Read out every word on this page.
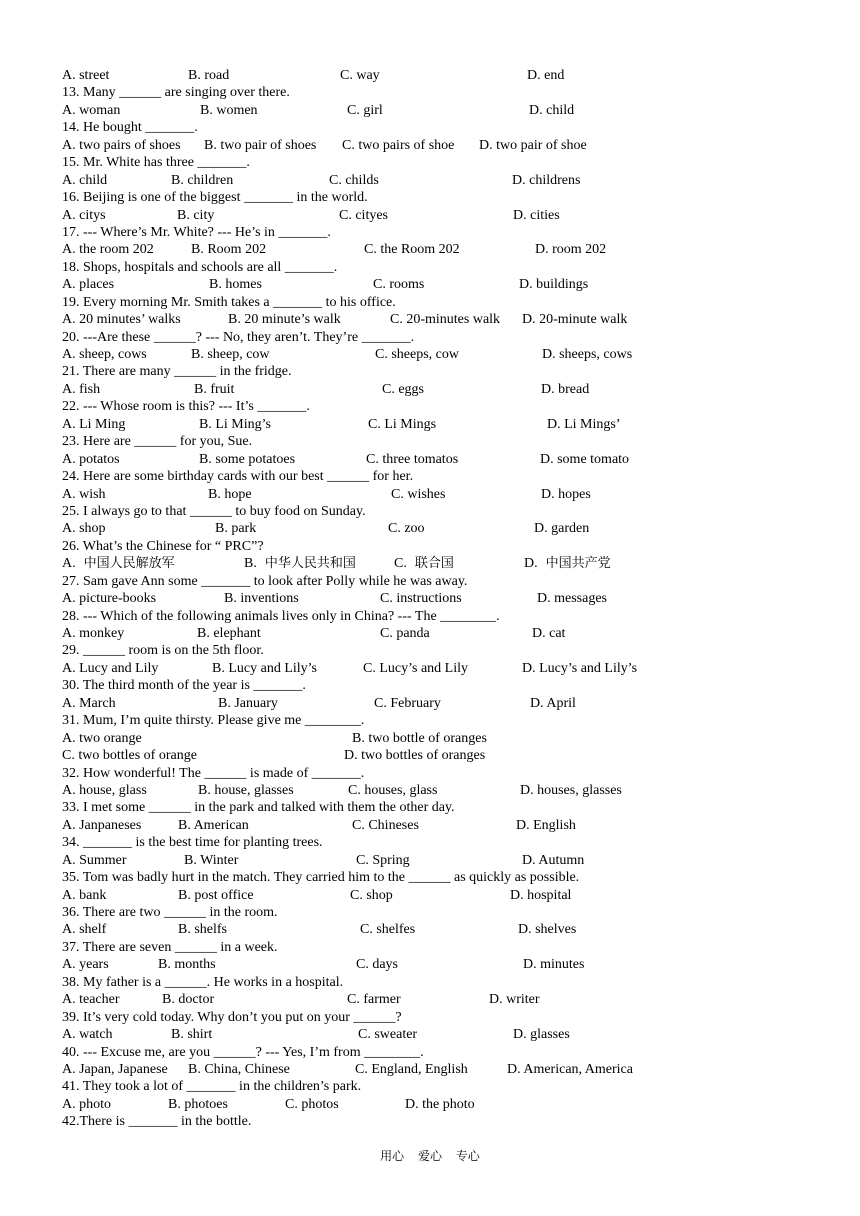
A. street	B. road	C. way	D. end
13. Many ______ are singing over there.
A. woman	B. women	C. girl	D. child
14. He bought _______.
A. two pairs of shoes B. two pair of shoes C. two pairs of shoe D. two pair of shoe
15. Mr. White has three _______.
A. child	B. children	C. childs	D. childrens
16. Beijing is one of the biggest _______ in the world.
A. citys	B. city	C. cityes	D. cities
17. --- Where’s Mr. White? --- He’s in _______.
A. the room 202	B. Room 202	C. the Room 202	D. room 202
18. Shops, hospitals and schools are all _______.
A. places	B. homes	C. rooms	D. buildings
19. Every morning Mr. Smith takes a _______ to his office.
A. 20 minutes’ walks	B. 20 minute’s walk	C. 20-minutes walk D. 20-minute walk
20. ---Are these ______? --- No, they aren’t. They’re _______.
A. sheep, cows	B. sheep, cow	C. sheeps, cow	D. sheeps, cows
21. There are many ______ in the fridge.
A. fish	B. fruit	C. eggs	D. bread
22. --- Whose room is this? --- It’s _______.
A. Li Ming	B. Li Ming’s	C. Li Mings	D. Li Mings’
23. Here are ______ for you, Sue.
A. potatos	B. some potatoes	C. three tomatos	D. some tomato
24. Here are some birthday cards with our best ______ for her.
A. wish	B. hope	C. wishes	D. hopes
25. I always go to that ______ to buy food on Sunday.
A. shop	B. park	C. zoo	D. garden
26. What’s the Chinese for “ PRC”?
A. 中国人民解放军	B. 中华人民共和国	C. 联合国	D. 中国共产党
27. Sam gave Ann some _______ to look after Polly while he was away.
A. picture-books	B. inventions	C. instructions	D. messages
28. --- Which of the following animals lives only in China? --- The ________.
A. monkey	B. elephant	C. panda	D. cat
29. ______ room is on the 5th floor.
A. Lucy and Lily	B. Lucy and Lily’s	C. Lucy’s and Lily	D. Lucy’s and Lily’s
30. The third month of the year is _______.
A. March	B. January	C. February	D. April
31. Mum, I’m quite thirsty. Please give me ________.
A. two orange	B. two bottle of oranges
C. two bottles of orange	D. two bottles of oranges
32. How wonderful! The ______ is made of _______.
A. house, glass	B. house, glasses	C. houses, glass	D. houses, glasses
33. I met some ______ in the park and talked with them the other day.
A. Janpaneses	B. American	C. Chineses	D. English
34. _______ is the best time for planting trees.
A. Summer	B. Winter	C. Spring	D. Autumn
35. Tom was badly hurt in the match. They carried him to the ______ as quickly as possible.
A. bank	B. post office	C. shop	D. hospital
36. There are two ______ in the room.
A. shelf	B. shelfs	C. shelfes	D. shelves
37. There are seven ______ in a week.
A. years	B. months	C. days	D. minutes
38. My father is a ______. He works in a hospital.
A. teacher	B. doctor	C. farmer	D. writer
39. It’s very cold today. Why don’t you put on your ______?
A. watch	B. shirt	C. sweater	D. glasses
40. --- Excuse me, are you ______? --- Yes, I’m from ________.
A. Japan, Japanese B. China, Chinese	C. England, English	D. American, America
41. They took a lot of _______ in the children’s park.
A. photo	B. photoes	C. photos	D. the photo
42.There is _______ in the bottle.
用心 爱心 专心
